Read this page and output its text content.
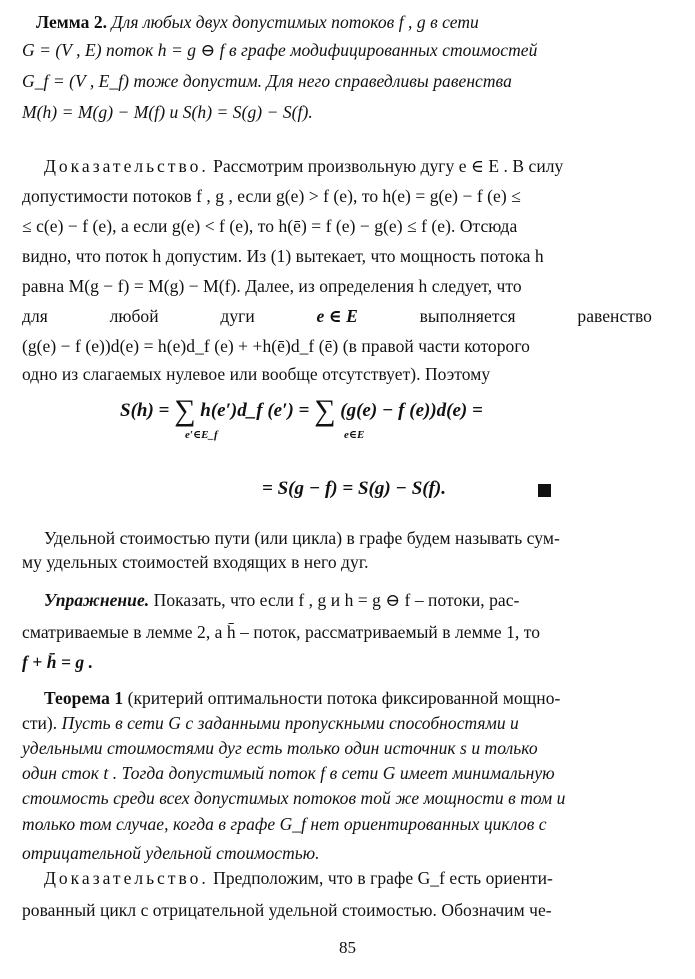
Лемма 2. Для любых двух допустимых потоков f , g в сети
G = (V , E) поток h = g ⊖ f в графе модифицированных стоимостей
G_f = (V , E_f) тоже допустим. Для него справедливы равенства
M(h) = M(g) − M(f) и S(h) = S(g) − S(f).
Доказательство. Рассмотрим произвольную дугу e ∈ E . В силу
допустимости потоков f , g , если g(e) > f (e), то h(e) = g(e) − f (e) ≤
≤ c(e) − f (e), а если g(e) < f (e), то h(ē) = f (e) − g(e) ≤ f (e). Отсюда
видно, что поток h допустим. Из (1) вытекает, что мощность потока h
равна M(g − f) = M(g) − M(f). Далее, из определения h следует, что
для	любой	дуги	e ∈ E	выполняется	равенство
(g(e) − f (e))d(e) = h(e)d_f (e) + +h(ē)d_f (ē) (в правой части которого
одно из слагаемых нулевое или вообще отсутствует). Поэтому
S(h) = ∑ h(e′)d_f (e′) = ∑ (g(e) − f (e))d(e) =
e′∈E_f	e∈E
= S(g − f) = S(g) − S(f).
Удельной стоимостью пути (или цикла) в графе будем называть сум-
му удельных стоимостей входящих в него дуг.
Упражнение. Показать, что если f , g и h = g ⊖ f – потоки, рас-
сматриваемые в лемме 2, а h̄ – поток, рассматриваемый в лемме 1, то
f + h̄ = g .
Теорема 1 (критерий оптимальности потока фиксированной мощно-
сти). Пусть в сети G с заданными пропускными способностями и
удельными стоимостями дуг есть только один источник s и только
один сток t . Тогда допустимый поток f в сети G имеет минимальную
стоимость среди всех допустимых потоков той же мощности в том и
только том случае, когда в графе G_f нет ориентированных циклов с
отрицательной удельной стоимостью.
Доказательство. Предположим, что в графе G_f есть ориенти-
рованный цикл с отрицательной удельной стоимостью. Обозначим че-
85
